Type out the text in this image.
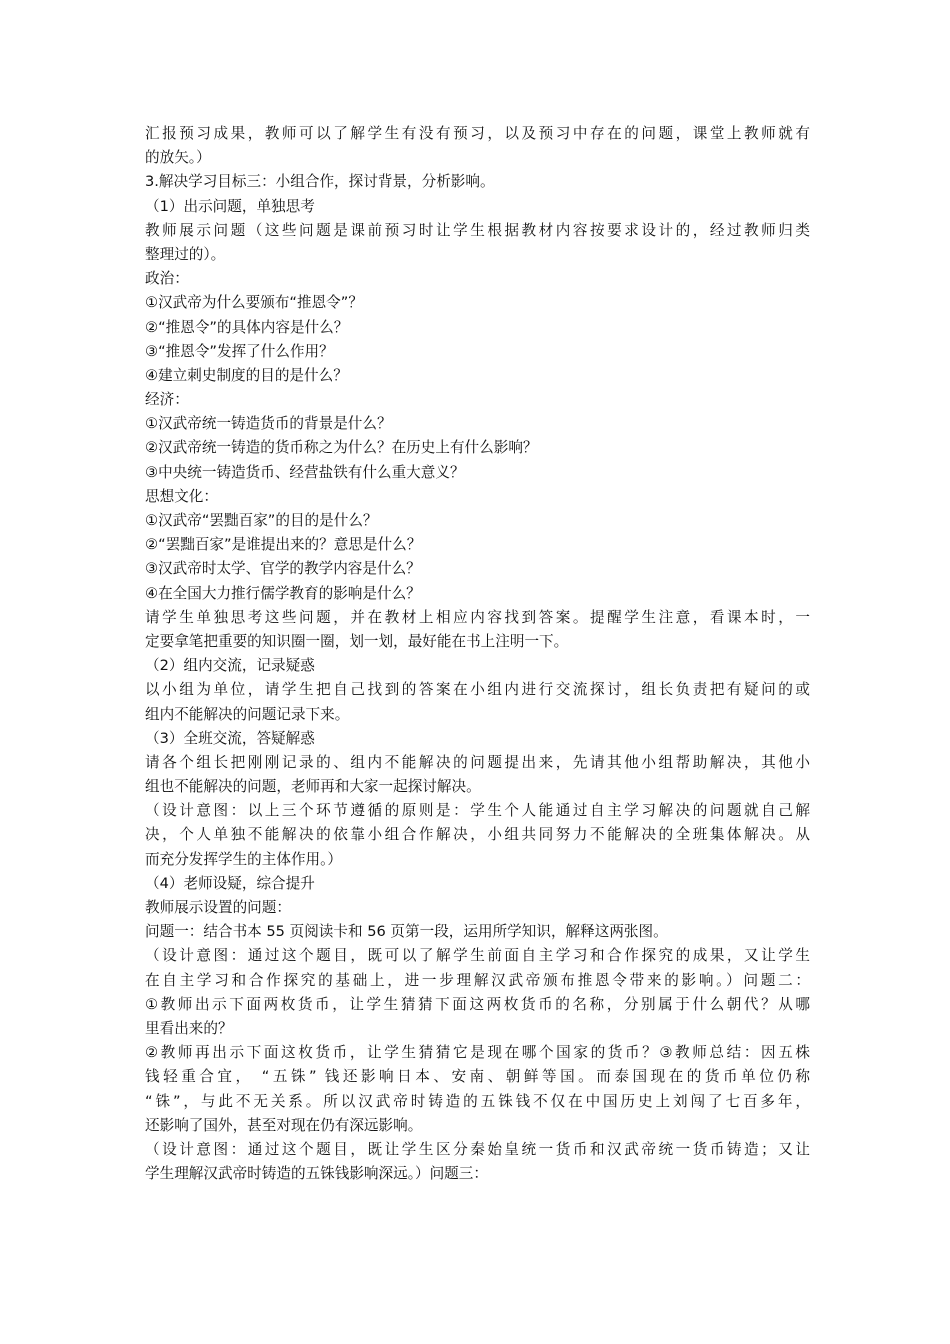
汇报预习成果，教师可以了解学生有没有预习，以及预习中存在的问题，课堂上教师就有
的放矢。）
3.解决学习目标三：小组合作，探讨背景，分析影响。
（1）出示问题，单独思考
教师展示问题（这些问题是课前预习时让学生根据教材内容按要求设计的，经过教师归类
整理过的）。
政治：
①汉武帝为什么要颁布“推恩令”？
②“推恩令”的具体内容是什么？
③“推恩令”发挥了什么作用？
④建立刺史制度的目的是什么？
经济：
①汉武帝统一铸造货币的背景是什么？
②汉武帝统一铸造的货币称之为什么？在历史上有什么影响？
③中央统一铸造货币、经营盐铁有什么重大意义？
思想文化：
①汉武帝“罢黜百家”的目的是什么？
②“罢黜百家”是谁提出来的？意思是什么？
③汉武帝时太学、官学的教学内容是什么？
④在全国大力推行儒学教育的影响是什么？
请学生单独思考这些问题，并在教材上相应内容找到答案。提醒学生注意，看课本时，一
定要拿笔把重要的知识圈一圈，划一划，最好能在书上注明一下。
（2）组内交流，记录疑惑
以小组为单位，请学生把自己找到的答案在小组内进行交流探讨，组长负责把有疑问的或
组内不能解决的问题记录下来。
（3）全班交流，答疑解惑
请各个组长把刚刚记录的、组内不能解决的问题提出来，先请其他小组帮助解决，其他小
组也不能解决的问题，老师再和大家一起探讨解决。
（设计意图：以上三个环节遵循的原则是：学生个人能通过自主学习解决的问题就自己解
决，个人单独不能解决的依靠小组合作解决，小组共同努力不能解决的全班集体解决。从
而充分发挥学生的主体作用。）
（4）老师设疑，综合提升
教师展示设置的问题：
问题一：结合书本 55 页阅读卡和 56 页第一段，运用所学知识，解释这两张图。
（设计意图：通过这个题目，既可以了解学生前面自主学习和合作探究的成果，又让学生
在自主学习和合作探究的基础上，进一步理解汉武帝颁布推恩令带来的影响。）问题二：
①教师出示下面两枚货币，让学生猜猜下面这两枚货币的名称，分别属于什么朝代？从哪
里看出来的？
②教师再出示下面这枚货币，让学生猜猜它是现在哪个国家的货币？③教师总结：因五株
钱轻重合宜， “五铢” 钱还影响日本、安南、朝鲜等国。而泰国现在的货币单位仍称
“铢”，与此不无关系。所以汉武帝时铸造的五铢钱不仅在中国历史上刘闯了七百多年，
还影响了国外，甚至对现在仍有深远影响。
（设计意图：通过这个题目，既让学生区分秦始皇统一货币和汉武帝统一货币铸造；又让
学生理解汉武帝时铸造的五铢钱影响深远。）问题三：
